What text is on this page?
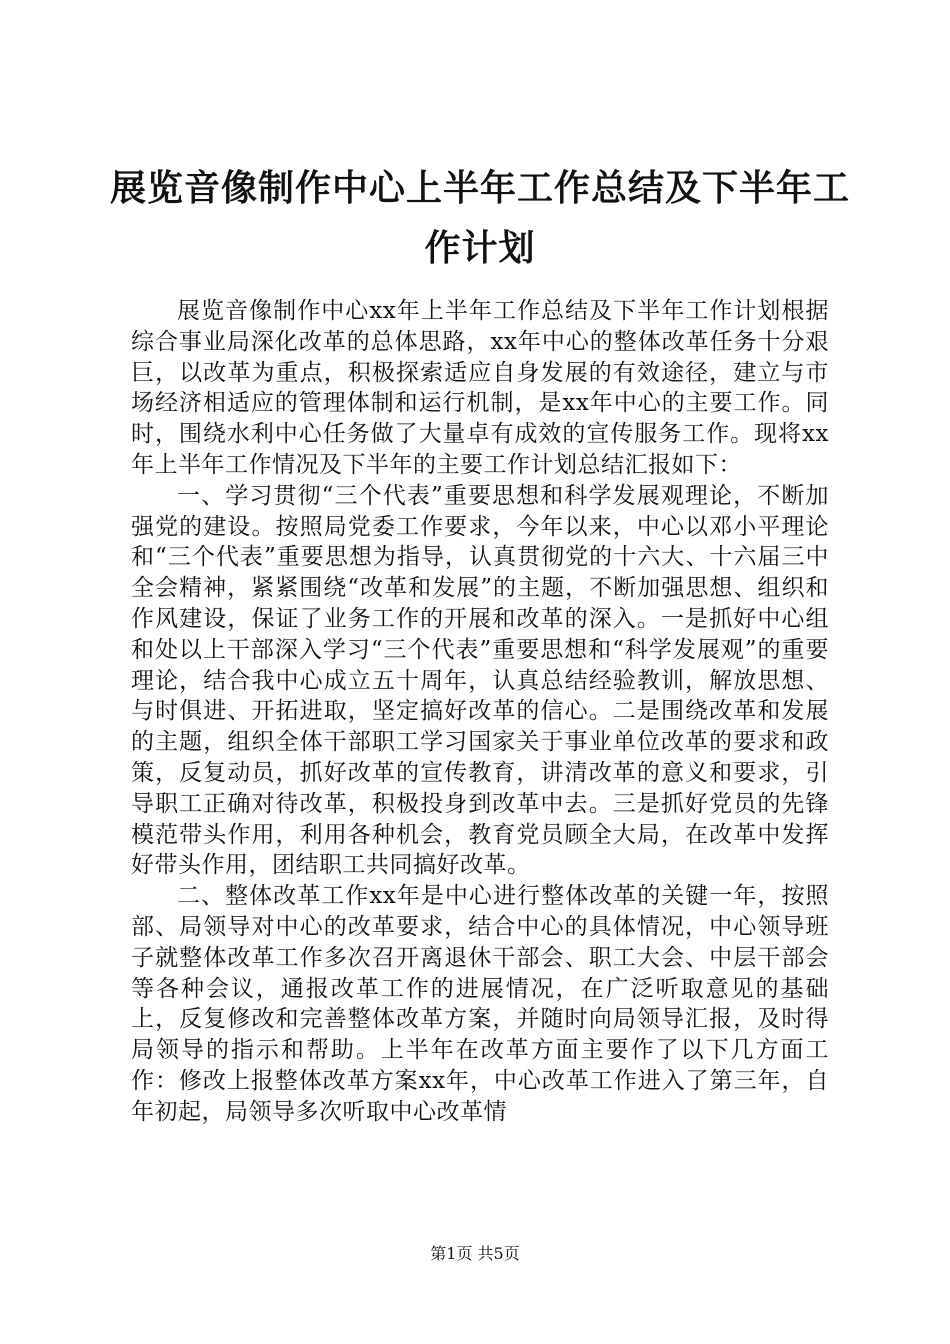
展览音像制作中心上半年工作总结及下半年工作计划

展览音像制作中心xx年上半年工作总结及下半年工作计划根据综合事业局深化改革的总体思路，xx年中心的整体改革任务十分艰巨，以改革为重点，积极探索适应自身发展的有效途径，建立与市场经济相适应的管理体制和运行机制，是xx年中心的主要工作。同时，围绕水利中心任务做了大量卓有成效的宣传服务工作。现将xx年上半年工作情况及下半年的主要工作计划总结汇报如下：

一、学习贯彻“三个代表”重要思想和科学发展观理论，不断加强党的建设。按照局党委工作要求，今年以来，中心以邓小平理论和“三个代表”重要思想为指导，认真贯彻党的十六大、十六届三中全会精神，紧紧围绕“改革和发展”的主题，不断加强思想、组织和作风建设，保证了业务工作的开展和改革的深入。一是抓好中心组和处以上干部深入学习“三个代表”重要思想和“科学发展观”的重要理论，结合我中心成立五十周年，认真总结经验教训，解放思想、与时俱进、开拓进取，坚定搞好改革的信心。二是围绕改革和发展的主题，组织全体干部职工学习国家关于事业单位改革的要求和政策，反复动员，抓好改革的宣传教育，讲清改革的意义和要求，引导职工正确对待改革，积极投身到改革中去。三是抓好党员的先锋模范带头作用，利用各种机会，教育党员顾全大局，在改革中发挥好带头作用，团结职工共同搞好改革。

二、整体改革工作xx年是中心进行整体改革的关键一年，按照部、局领导对中心的改革要求，结合中心的具体情况，中心领导班子就整体改革工作多次召开离退休干部会、职工大会、中层干部会等各种会议，通报改革工作的进展情况，在广泛听取意见的基础上，反复修改和完善整体改革方案，并随时向局领导汇报，及时得局领导的指示和帮助。上半年在改革方面主要作了以下几方面工作：修改上报整体改革方案xx年，中心改革工作进入了第三年，自年初起，局领导多次听取中心改革情

第1页 共5页
